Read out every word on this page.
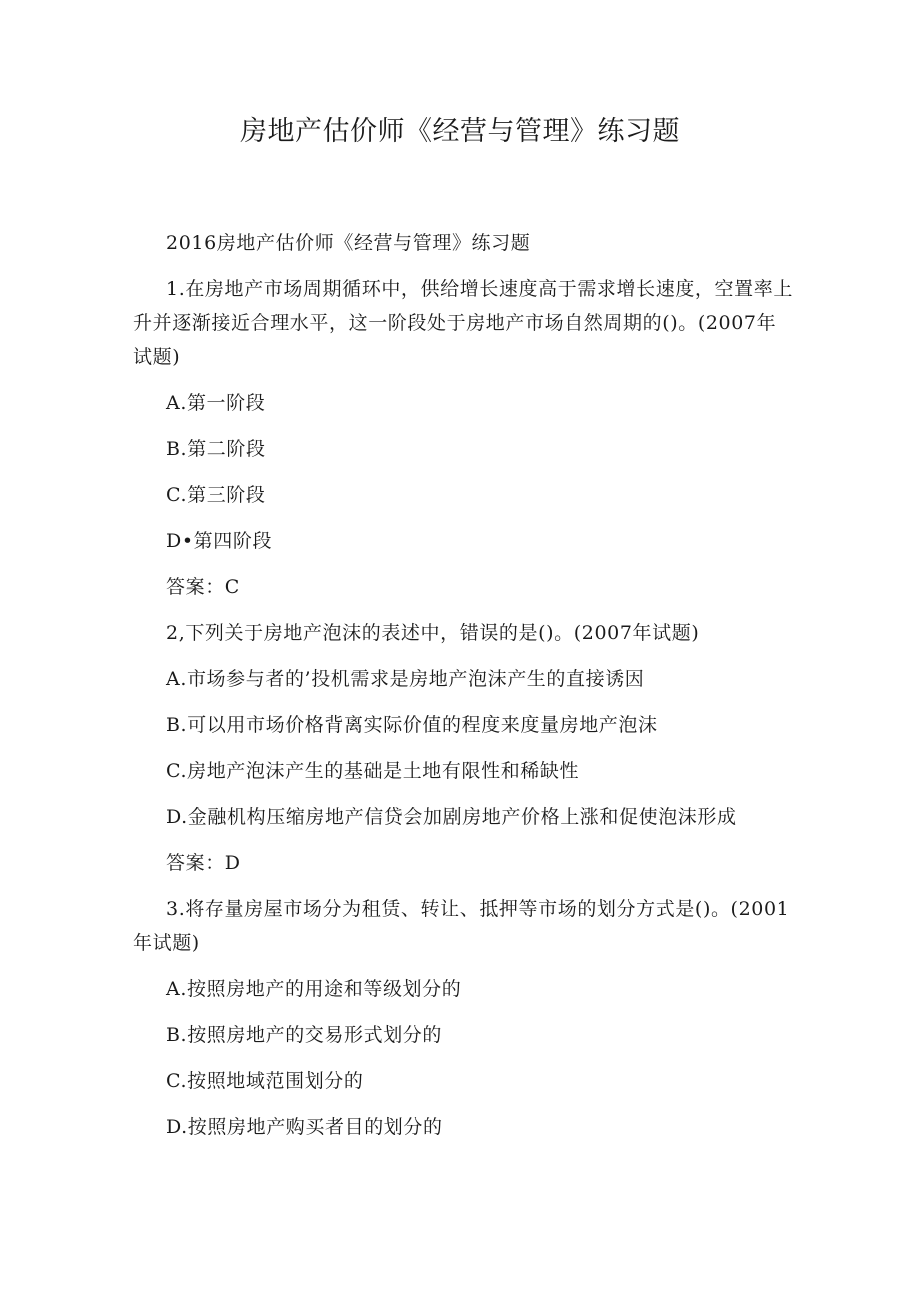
房地产估价师《经营与管理》练习题

2016房地产估价师《经营与管理》练习题

1.在房地产市场周期循环中，供给增长速度高于需求增长速度，空置率上升并逐渐接近合理水平，这一阶段处于房地产市场自然周期的()。(2007年试题)

A.第一阶段

B.第二阶段

C.第三阶段

D•第四阶段

答案：C

2,下列关于房地产泡沫的表述中，错误的是()。(2007年试题)

A.市场参与者的’投机需求是房地产泡沫产生的直接诱因

B.可以用市场价格背离实际价值的程度来度量房地产泡沫

C.房地产泡沫产生的基础是土地有限性和稀缺性

D.金融机构压缩房地产信贷会加剧房地产价格上涨和促使泡沫形成

答案：D

3.将存量房屋市场分为租赁、转让、抵押等市场的划分方式是()。(2001年试题)

A.按照房地产的用途和等级划分的

B.按照房地产的交易形式划分的

C.按照地域范围划分的

D.按照房地产购买者目的划分的
